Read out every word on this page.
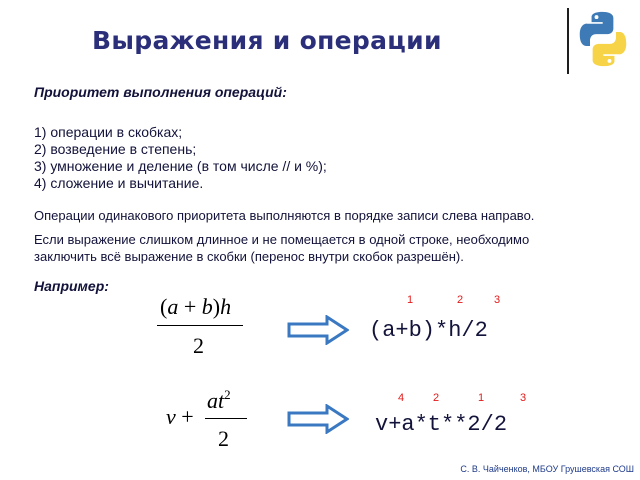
Выражения и операции
Приоритет выполнения операций:
1) операции в скобках;
2) возведение в степень;
3) умножение и деление (в том числе // и %);
4) сложение и вычитание.
Операции одинакового приоритета выполняются в порядке записи слева направо.
Если выражение слишком длинное и не помещается в одной строке, необходимо заключить всё выражение в скобки (перенос внутри скобок разрешён).
Например:
(a + b)h
2
1	2	3
(a+b)*h/2
v +
$at^2$
2
4	2	1	3
v+a*t**2/2
С. В. Чайченков, МБОУ Грушевская СОШ
